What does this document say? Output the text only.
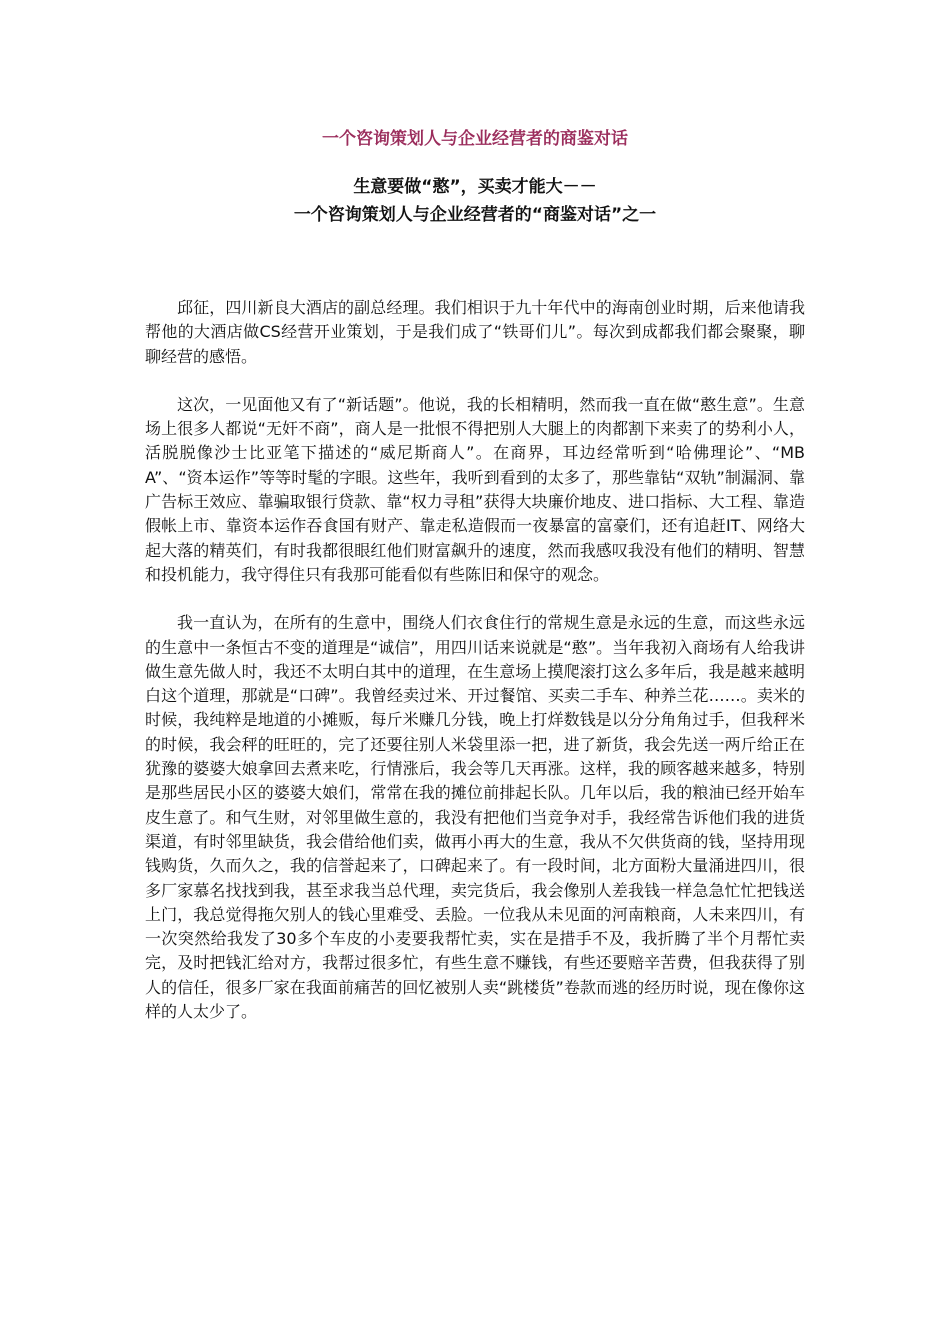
一个咨询策划人与企业经营者的商鉴对话
生意要做“憨”，买卖才能大－－
一个咨询策划人与企业经营者的“商鉴对话”之一

邱征，四川新良大酒店的副总经理。我们相识于九十年代中的海南创业时期，后来他请我帮他的大酒店做CS经营开业策划，于是我们成了“铁哥们儿”。每次到成都我们都会聚聚，聊聊经营的感悟。

这次，一见面他又有了“新话题”。他说，我的长相精明，然而我一直在做“憨生意”。生意场上很多人都说“无奸不商”，商人是一批恨不得把别人大腿上的肉都割下来卖了的势利小人，活脱脱像沙士比亚笔下描述的“威尼斯商人”。在商界，耳边经常听到“哈佛理论”、“MBA”、“资本运作”等等时髦的字眼。这些年，我听到看到的太多了，那些靠钻“双轨”制漏洞、靠广告标王效应、靠骗取银行贷款、靠“权力寻租”获得大块廉价地皮、进口指标、大工程、靠造假帐上市、靠资本运作吞食国有财产、靠走私造假而一夜暴富的富豪们，还有追赶IT、网络大起大落的精英们，有时我都很眼红他们财富飙升的速度，然而我感叹我没有他们的精明、智慧和投机能力，我守得住只有我那可能看似有些陈旧和保守的观念。

我一直认为，在所有的生意中，围绕人们衣食住行的常规生意是永远的生意，而这些永远的生意中一条恒古不变的道理是“诚信”，用四川话来说就是“憨”。当年我初入商场有人给我讲做生意先做人时，我还不太明白其中的道理，在生意场上摸爬滚打这么多年后，我是越来越明白这个道理，那就是“口碑”。我曾经卖过米、开过餐馆、买卖二手车、种养兰花……。卖米的时候，我纯粹是地道的小摊贩，每斤米赚几分钱，晚上打烊数钱是以分分角角过手，但我秤米的时候，我会秤的旺旺的，完了还要往别人米袋里添一把，进了新货，我会先送一两斤给正在犹豫的婆婆大娘拿回去煮来吃，行情涨后，我会等几天再涨。这样，我的顾客越来越多，特别是那些居民小区的婆婆大娘们，常常在我的摊位前排起长队。几年以后，我的粮油已经开始车皮生意了。和气生财，对邻里做生意的，我没有把他们当竞争对手，我经常告诉他们我的进货渠道，有时邻里缺货，我会借给他们卖，做再小再大的生意，我从不欠供货商的钱，坚持用现钱购货，久而久之，我的信誉起来了，口碑起来了。有一段时间，北方面粉大量涌进四川，很多厂家慕名找找到我，甚至求我当总代理，卖完货后，我会像别人差我钱一样急急忙忙把钱送上门，我总觉得拖欠别人的钱心里难受、丢脸。一位我从未见面的河南粮商，人未来四川，有一次突然给我发了30多个车皮的小麦要我帮忙卖，实在是措手不及，我折腾了半个月帮忙卖完，及时把钱汇给对方，我帮过很多忙，有些生意不赚钱，有些还要赔辛苦费，但我获得了别人的信任，很多厂家在我面前痛苦的回忆被别人卖“跳楼货”卷款而逃的经历时说，现在像你这样的人太少了。
